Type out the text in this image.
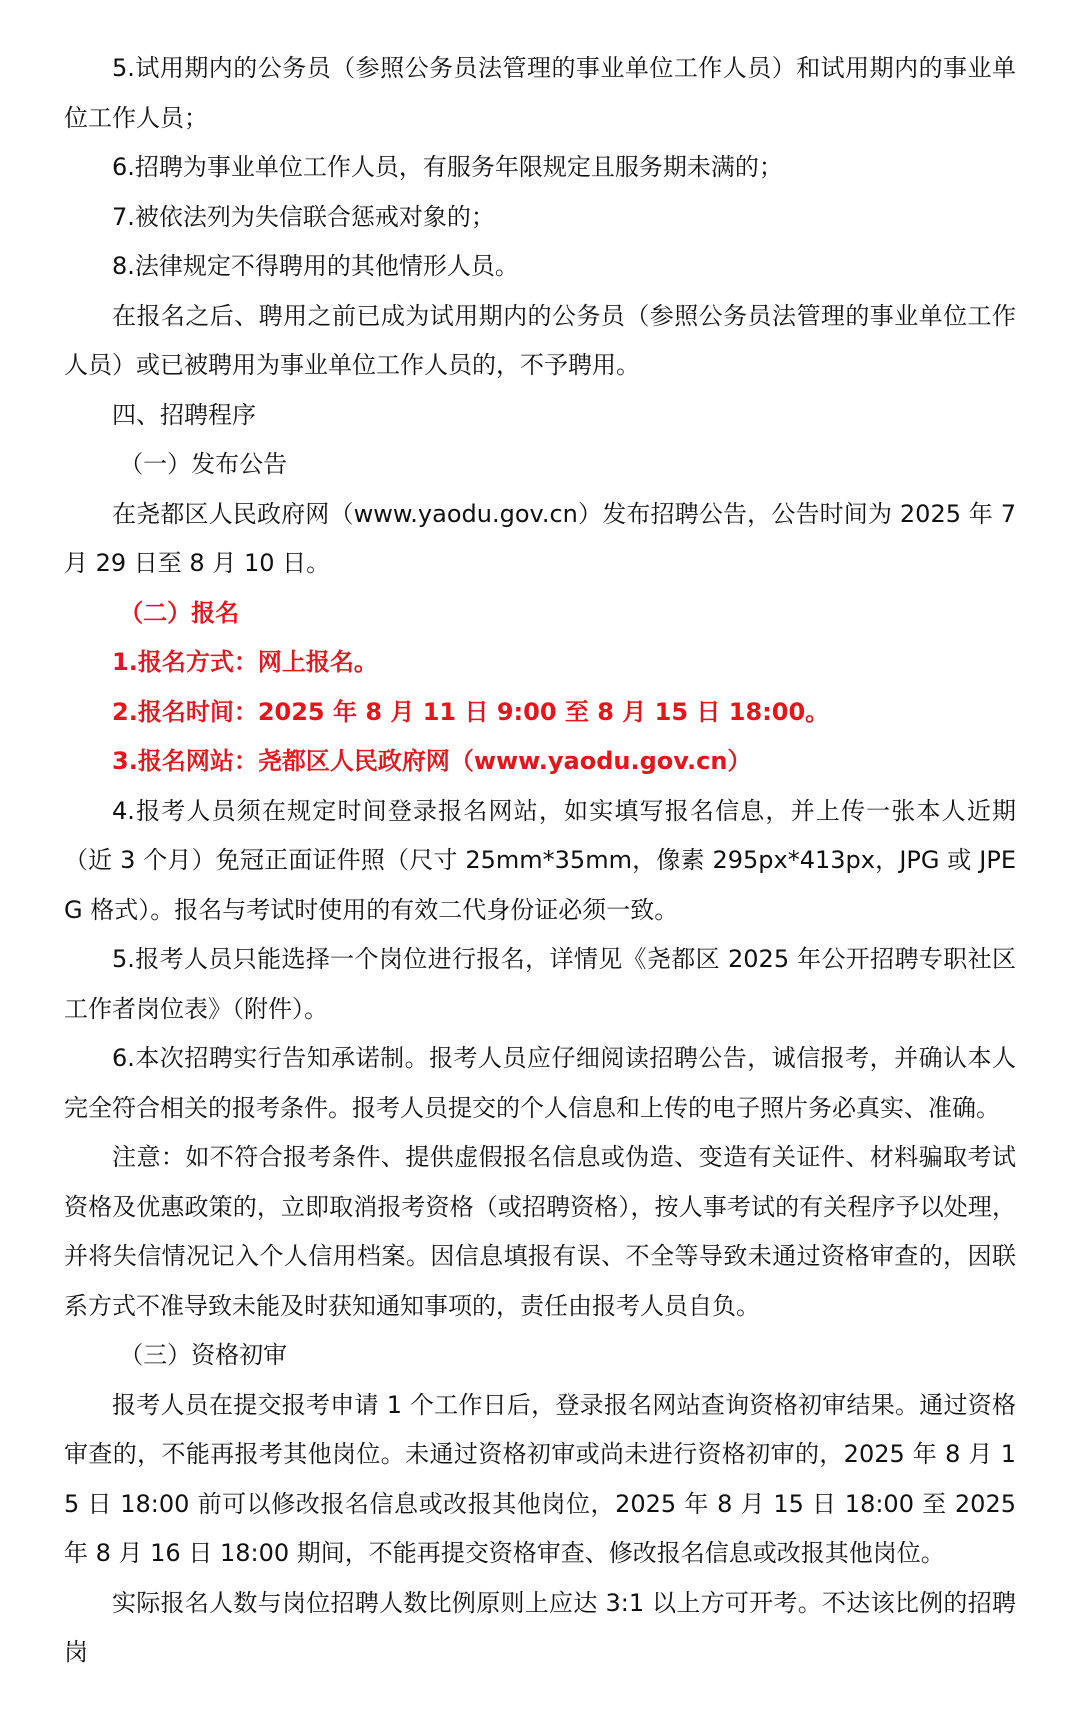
5.试用期内的公务员（参照公务员法管理的事业单位工作人员）和试用期内的事业单位工作人员；

6.招聘为事业单位工作人员，有服务年限规定且服务期未满的；

7.被依法列为失信联合惩戒对象的；

8.法律规定不得聘用的其他情形人员。

在报名之后、聘用之前已成为试用期内的公务员（参照公务员法管理的事业单位工作人员）或已被聘用为事业单位工作人员的，不予聘用。

四、招聘程序

（一）发布公告

在尧都区人民政府网（www.yaodu.gov.cn）发布招聘公告，公告时间为 2025 年 7 月 29 日至 8 月 10 日。

（二）报名

1.报名方式：网上报名。

2.报名时间：2025 年 8 月 11 日 9:00 至 8 月 15 日 18:00。

3.报名网站：尧都区人民政府网（www.yaodu.gov.cn）

4.报考人员须在规定时间登录报名网站，如实填写报名信息，并上传一张本人近期（近 3 个月）免冠正面证件照（尺寸 25mm*35mm，像素 295px*413px，JPG 或 JPEG 格式）。报名与考试时使用的有效二代身份证必须一致。

5.报考人员只能选择一个岗位进行报名，详情见《尧都区 2025 年公开招聘专职社区工作者岗位表》（附件）。

6.本次招聘实行告知承诺制。报考人员应仔细阅读招聘公告，诚信报考，并确认本人完全符合相关的报考条件。报考人员提交的个人信息和上传的电子照片务必真实、准确。

注意：如不符合报考条件、提供虚假报名信息或伪造、变造有关证件、材料骗取考试资格及优惠政策的，立即取消报考资格（或招聘资格），按人事考试的有关程序予以处理，并将失信情况记入个人信用档案。因信息填报有误、不全等导致未通过资格审查的，因联系方式不准导致未能及时获知通知事项的，责任由报考人员自负。

（三）资格初审

报考人员在提交报考申请 1 个工作日后，登录报名网站查询资格初审结果。通过资格审查的，不能再报考其他岗位。未通过资格初审或尚未进行资格初审的，2025 年 8 月 15 日 18:00 前可以修改报名信息或改报其他岗位，2025 年 8 月 15 日 18:00 至 2025 年 8 月 16 日 18:00 期间，不能再提交资格审查、修改报名信息或改报其他岗位。

实际报名人数与岗位招聘人数比例原则上应达 3:1 以上方可开考。不达该比例的招聘岗
